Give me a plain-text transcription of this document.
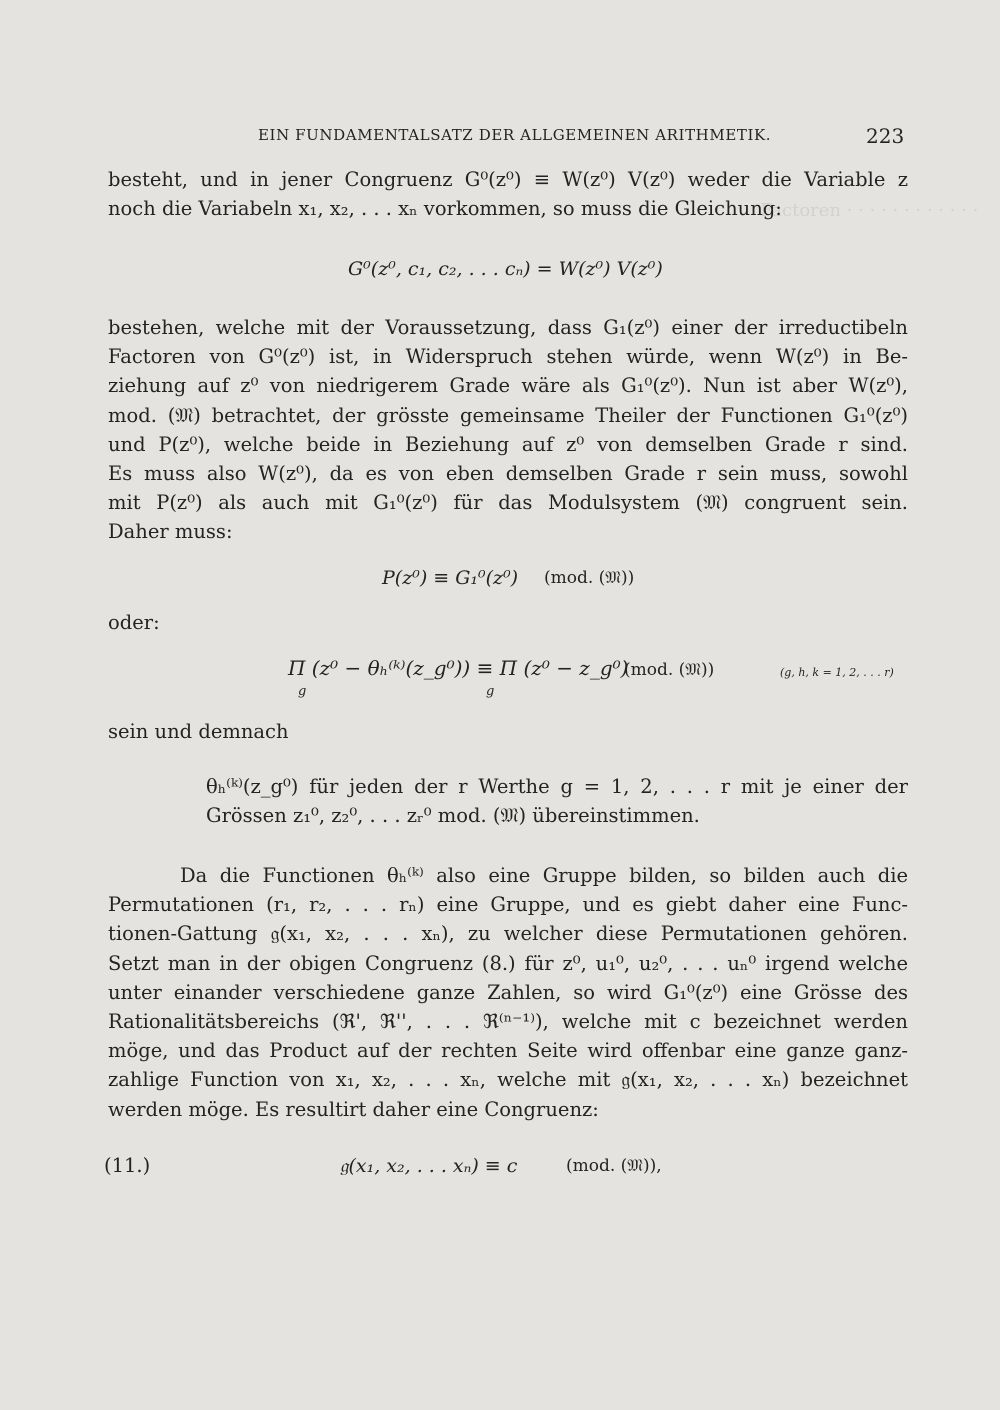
Factoren · · · · · · · · · · · ·
EIN FUNDAMENTALSATZ DER ALLGEMEINEN ARITHMETIK.	223
besteht, und in jener Congruenz G⁰(z⁰) ≡ W(z⁰) V(z⁰) weder die Variable z
noch die Variabeln x₁, x₂, . . . xₙ vorkommen, so muss die Gleichung:
G⁰(z⁰, c₁, c₂, . . . cₙ) = W(z⁰) V(z⁰)
bestehen, welche mit der Voraussetzung, dass G₁(z⁰) einer der irreductibeln
Factoren von G⁰(z⁰) ist, in Widerspruch stehen würde, wenn W(z⁰) in Be-
ziehung auf z⁰ von niedrigerem Grade wäre als G₁⁰(z⁰). Nun ist aber W(z⁰),
mod. (𝔐) betrachtet, der grösste gemeinsame Theiler der Functionen G₁⁰(z⁰)
und P(z⁰), welche beide in Beziehung auf z⁰ von demselben Grade r sind.
Es muss also W(z⁰), da es von eben demselben Grade r sein muss, sowohl
mit P(z⁰) als auch mit G₁⁰(z⁰) für das Modulsystem (𝔐) congruent sein.
Daher muss:
P(z⁰) ≡ G₁⁰(z⁰) (mod. (𝔐))
oder:
Π (z⁰ − θₕ⁽ᵏ⁾(z_g⁰)) ≡ Π (z⁰ − z_g⁰)
g	g
(mod. (𝔐))	(g, h, k = 1, 2, . . . r)
sein und demnach
θₕ⁽ᵏ⁾(z_g⁰) für jeden der r Werthe g = 1, 2, . . . r mit je einer der
Grössen z₁⁰, z₂⁰, . . . zᵣ⁰ mod. (𝔐) übereinstimmen.
Da die Functionen θₕ⁽ᵏ⁾ also eine Gruppe bilden, so bilden auch die
Permutationen (r₁, r₂, . . . rₙ) eine Gruppe, und es giebt daher eine Func-
tionen-Gattung 𝔤(x₁, x₂, . . . xₙ), zu welcher diese Permutationen gehören.
Setzt man in der obigen Congruenz (8.) für z⁰, u₁⁰, u₂⁰, . . . uₙ⁰ irgend welche
unter einander verschiedene ganze Zahlen, so wird G₁⁰(z⁰) eine Grösse des
Rationalitätsbereichs (ℜ', ℜ'', . . . ℜ⁽ⁿ⁻¹⁾), welche mit c bezeichnet werden
möge, und das Product auf der rechten Seite wird offenbar eine ganze ganz-
zahlige Function von x₁, x₂, . . . xₙ, welche mit 𝔤(x₁, x₂, . . . xₙ) bezeichnet
werden möge. Es resultirt daher eine Congruenz:
(11.)	𝔤(x₁, x₂, . . . xₙ) ≡ c	(mod. (𝔐)),
